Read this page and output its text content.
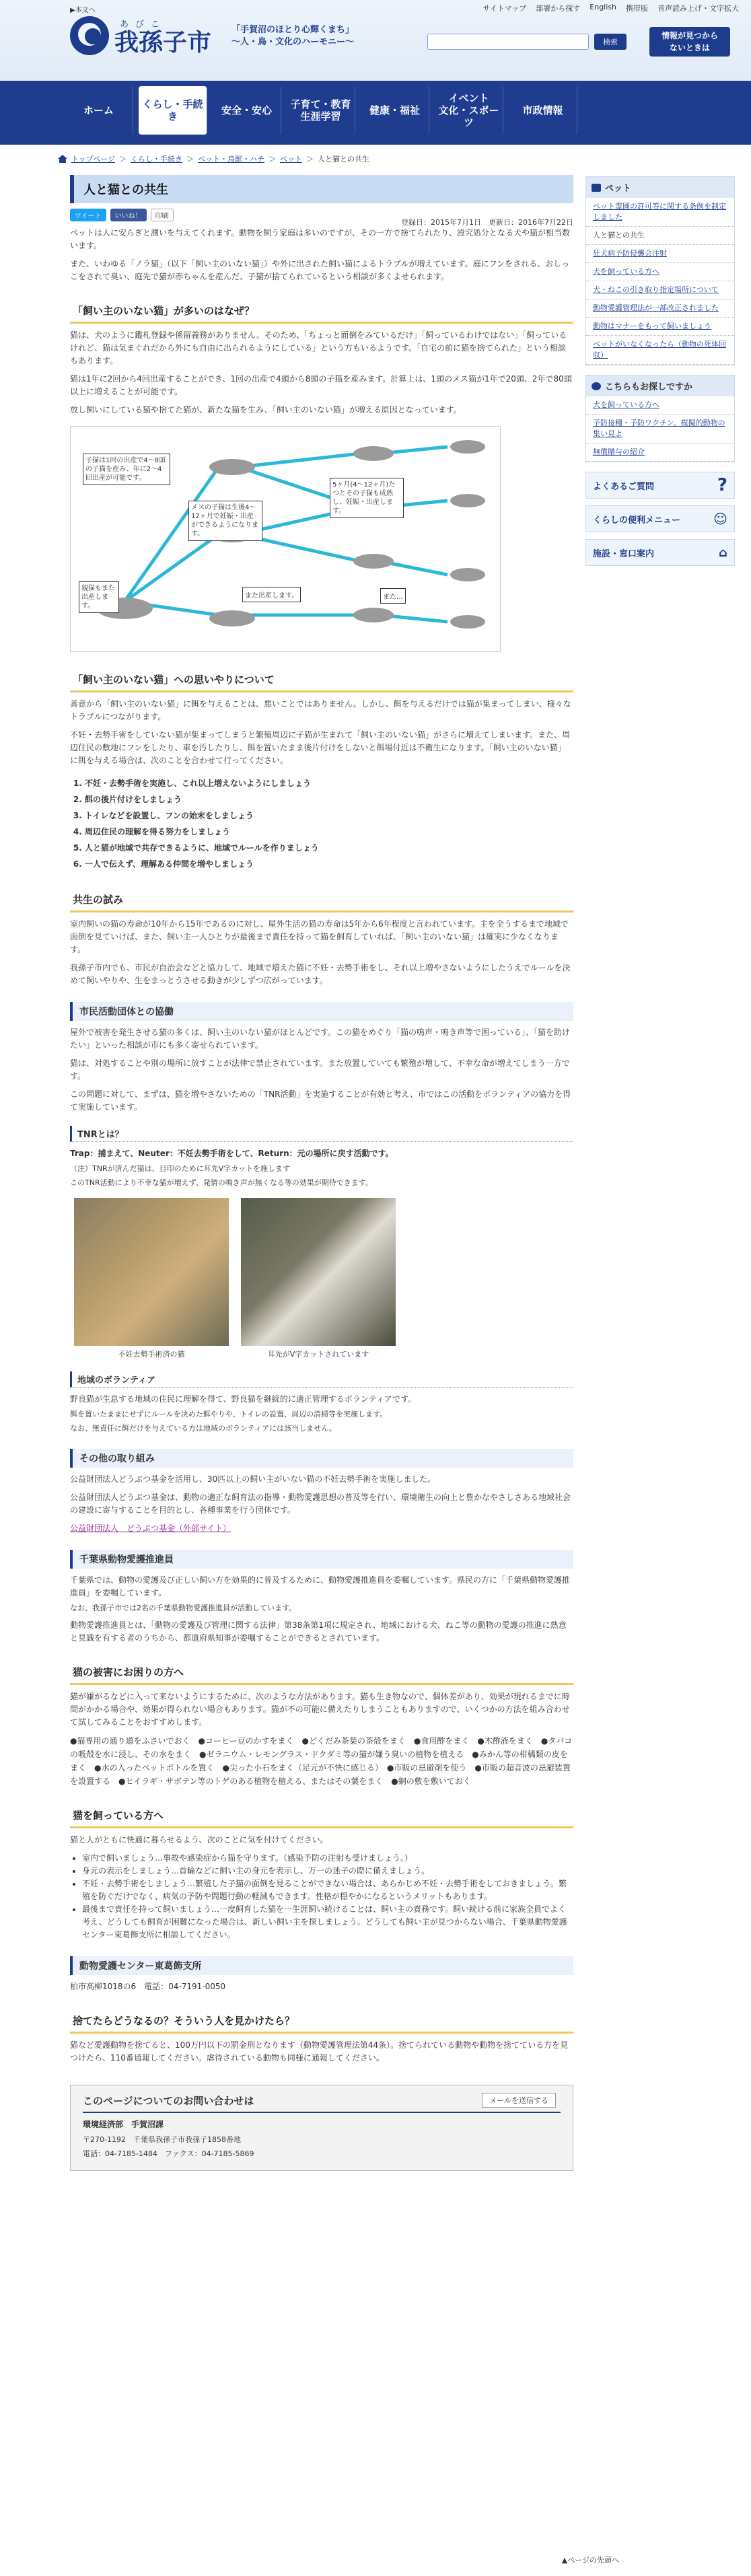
▶本文へ	サイトマップ 部署から探す English 携帯版 音声読み上げ・文字拡大
あびこ
我孫子市	「手賀沼のほとり心輝くまち」
～人・鳥・文化のハーモニー～	検索
情報が見つから
ないときは
ホーム	くらし・手続き	安全・安心	子育て・教育
生涯学習	健康・福祉
イベント
文化・スポーツ
市政情報
トップページ ＞ くらし・手続き ＞ ペット・鳥獣・ハチ ＞ ペット ＞ 人と猫との共生
人と猫との共生
ツイート	いいね！	印刷
登録日：2015年7月1日　更新日：2016年7月22日

ペットは人に安らぎと潤いを与えてくれます。動物を飼う家庭は多いのですが、その一方で捨てられたり、設究処分となる犬や猫が相当数います。

また、いわゆる「ノラ猫」（以下「飼い主のいない猫」）や外に出された飼い猫によるトラブルが増えています。庭にフンをされる、おしっこをされて臭い、庭先で猫が赤ちゃんを産んだ、子猫が捨てられているという相談が多くよせられます。

「飼い主のいない猫」が多いのはなぜ？

猫は、犬のように鑑札登録や係留義務がありません。そのため、「ちょっと面倒をみているだけ」「飼っているわけではない」「飼っているけれど、猫は気まぐれだから外にも自由に出られるようにしている」という方もいるようです。「自宅の前に猫を捨てられた」という相談もあります。

猫は1年に2回から4回出産することができ、1回の出産で4頭から8頭の子猫を産みます。計算上は、1頭のメス猫が1年で20頭、2年で80頭以上に増えることが可能です。

放し飼いにしている猫や捨てた猫が、新たな猫を生み、「飼い主のいない猫」が増える原因となっています。

子猫は1回の出産で4～8頭の子猫を産み、年に2～4回出産が可能です。
メスの子猫は生後4～12ヶ月で妊娠・出産ができるようになります。
5ヶ月(4～12ヶ月)たつとその子猫も成熟し、妊娠・出産します。
また出産します。	また…
親猫もまた出産します。
「飼い主のいない猫」への思いやりについて

善意から「飼い主のいない猫」に餌を与えることは、悪いことではありません。しかし、餌を与えるだけでは猫が集まってしまい、様々なトラブルにつながります。

不妊・去勢手術をしていない猫が集まってしまうと繁殖周辺に子猫が生まれて「飼い主のいない猫」がさらに増えてしまいます。また、周辺住民の敷地にフンをしたり、車を汚したりし、餌を置いたまま後片付けをしないと餌場付近は不衛生になります。「飼い主のいない猫」に餌を与える場合は、次のことを合わせて行ってください。

1. 不妊・去勢手術を実施し、これ以上増えないようにしましょう
2. 餌の後片付けをしましょう
3. トイレなどを設置し、フンの始末をしましょう
4. 周辺住民の理解を得る努力をしましょう
5. 人と猫が地域で共存できるように、地域でルールを作りましょう
6. 一人で伝えず、理解ある仲間を増やしましょう
共生の試み

室内飼いの猫の寿命が10年から15年であるのに対し、屋外生活の猫の寿命は5年から6年程度と言われています。主を全うするまで地域で面倒を見ていけば、また、飼い主一人ひとりが最後まで責任を持って猫を飼育していれば、「飼い主のいない猫」は確実に少なくなります。

我孫子市内でも、市民が自治会などと協力して、地域で増えた猫に不妊・去勢手術をし、それ以上増やさないようにしたうえでルールを決めて飼いやりや、生をまっとうさせる動きが少しずつ広がっています。

市民活動団体との協働

屋外で被害を発生させる猫の多くは、飼い主のいない猫がほとんどです。この猫をめぐり「猫の鳴声・鳴き声等で困っている」、「猫を助けたい」といった相談が市にも多く寄せられています。

猫は、対処することや別の場所に放すことが法律で禁止されています。また放置していても繁殖が増して、不幸な命が増えてしまう一方です。

この問題に対して、まずは、猫を増やさないための「TNR活動」を実施することが有効と考え、市ではこの活動をボランティアの協力を得て実施しています。

TNRとは？

Trap：捕まえて、Neuter：不妊去勢手術をして、Return：元の場所に戻す活動です。

（注）TNRが済んだ猫は、目印のために耳先V字カットを施します

このTNR活動により不幸な猫が増えず、発情の鳴き声が無くなる等の効果が期待できます。

不妊去勢手術済の猫	耳先がV字カットされています
地域のボランティア

野良猫が生息する地域の住民に理解を得て、野良猫を継続的に適正管理するボランティアです。

餌を置いたままにせずにルールを決めた餌やりや、トイレの設置、周辺の清掃等を実施します。

なお、無責任に餌だけを与えている方は地域のボランティアには該当しません。

その他の取り組み

公益財団法人どうぶつ基金を活用し、30匹以上の飼い主がいない猫の不妊去勢手術を実施しました。

公益財団法人どうぶつ基金は、動物の適正な飼育法の指導・動物愛護思想の普及等を行い、環境衛生の向上と豊かなやさしさある地域社会の建設に寄与することを目的とし、各種事業を行う団体です。

公益財団法人　どうぶつ基金（外部サイト）

千葉県動物愛護推進員

千葉県では、動物の愛護及び正しい飼い方を効果的に普及するために、動物愛護推進員を委嘱しています。県民の方に「千葉県動物愛護推進員」を委嘱しています。

なお、我孫子市では2名の千葉県動物愛護推進員が活動しています。

動物愛護推進員とは、「動物の愛護及び管理に関する法律」第38条第1項に規定され、地域における犬、ねこ等の動物の愛護の推進に熱意と見識を有する者のうちから、都道府県知事が委嘱することができるとされています。

猫の被害にお困りの方へ

猫が嫌がるなどに入って来ないようにするために、次のような方法があります。猫も生き物なので、個体差があり、効果が現れるまでに時間がかかる場合や、効果が得られない場合もあります。猫が不の可能に備えたりしまうこともありますので、いくつかの方法を組み合わせて試してみることをおすすめします。

●猫専用の通り道をふさいでおく　●コーヒー豆のかすをまく　●どくだみ茶葉の茶殻をまく　●食用酢をまく　●木酢液をまく　●タバコの吸殻を水に浸し、その水をまく　●ゼラニウム・レモングラス・ドクダミ等の猫が嫌う臭いの植物を植える　●みかん等の柑橘類の皮をまく　●水の入ったペットボトルを置く　●尖った小石をまく（足元が不快に感じる）　●市販の忌避剤を使う　●市販の超音波の忌避装置を設置する　●ヒイラギ・サボテン等のトゲのある植物を植える、またはその葉をまく　●網の敷を敷いておく

猫を飼っている方へ

猫と人がともに快適に暮らせるよう、次のことに気を付けてください。

• 室内で飼いましょう…事故や感染症から猫を守ります。（感染予防の注射も受けましょう。）
• 身元の表示をしましょう…首輪などに飼い主の身元を表示し、万一の迷子の際に備えましょう。
• 不妊・去勢手術をしましょう…繁殖した子猫の面倒を見ることができない場合は、あらかじめ不妊・去勢手術をしておきましょう。繁殖を防ぐだけでなく、病気の予防や問題行動の軽減もできます。性格が穏やかになるというメリットもあります。
• 最後まで責任を持って飼いましょう…一度飼育した猫を一生涯飼い続けることは、飼い主の責務です。飼い続ける前に家族全員でよく考え、どうしても飼育が困難になった場合は、新しい飼い主を探しましょう。どうしても飼い主が見つからない場合、千葉県動物愛護センター東葛飾支所に相談してください。
動物愛護センター東葛飾支所

柏市高柳1018の6　電話：04-7191-0050

捨てたらどうなるの？そういう人を見かけたら？

猫など愛護動物を捨てると、100万円以下の罰金刑となります（動物愛護管理法第44条）。捨てられている動物や動物を捨てている方を見つけたら、110番通報してください。虐待されている動物も同様に通報してください。

このページについてのお問い合わせは	メールを送信する

環境経済部　手賀沼課

〒270-1192　千葉県我孫子市我孫子1858番地

電話：04-7185-1484　ファクス：04-7185-5869

ペット
ペット霊園の許可等に関する条例を制定しました
人と猫との共生
狂犬病予防侵襲会注射
犬を飼っている方へ
犬・ねこの引き取り指定場所について
動物愛護管理法が一部改正されました
動物はマナーをもって飼いましょう
ペットがいなくなったら（動物の死体回収）
こちらもお探しですか
犬を飼っている方へ
予防接種・予防ワクチン、模擬的動物の集い見よ
無償贈与の紹介
よくあるご質問	?
くらしの便利メニュー ☺
施設・窓口案内	⌂
▲ページの先頭へ
